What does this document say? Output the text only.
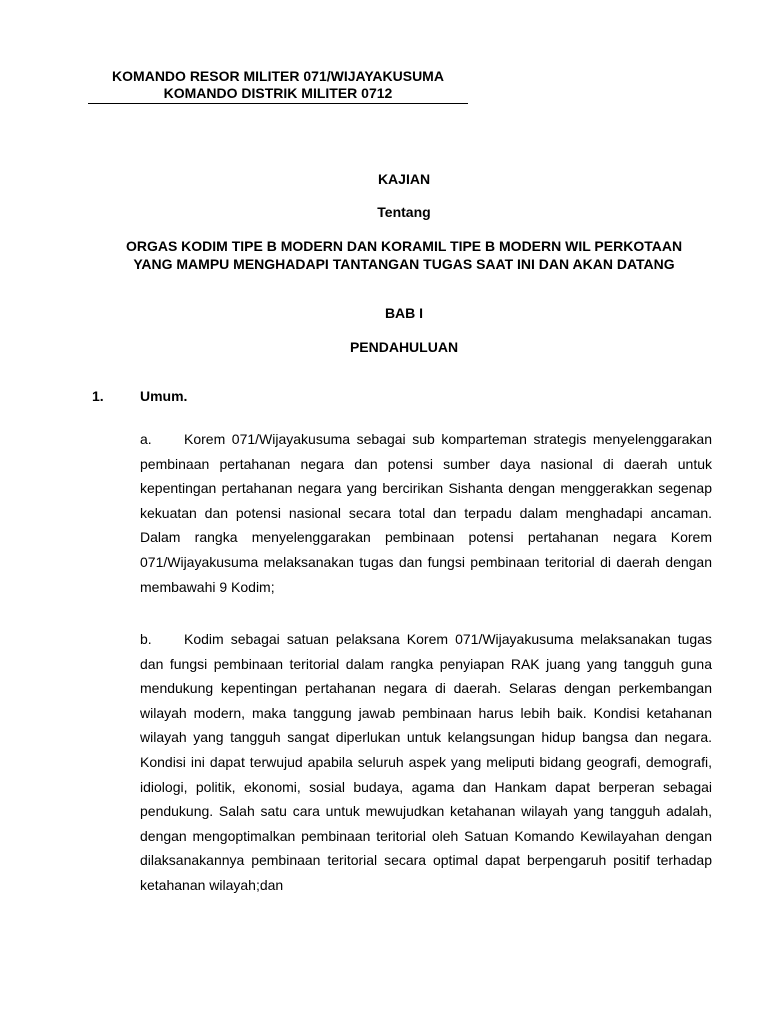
KOMANDO RESOR MILITER 071/WIJAYAKUSUMA

KOMANDO DISTRIK MILITER 0712
KAJIAN
Tentang
ORGAS KODIM TIPE B MODERN DAN KORAMIL TIPE B MODERN WIL PERKOTAAN
YANG MAMPU MENGHADAPI TANTANGAN TUGAS SAAT INI DAN AKAN DATANG
BAB I
PENDAHULUAN
1.	Umum.
a. Korem 071/Wijayakusuma sebagai sub komparteman strategis menyelenggarakan pembinaan pertahanan negara dan potensi sumber daya nasional di daerah untuk kepentingan pertahanan negara yang bercirikan Sishanta dengan menggerakkan segenap kekuatan dan potensi nasional secara total dan terpadu dalam menghadapi ancaman. Dalam rangka menyelenggarakan pembinaan potensi pertahanan negara Korem 071/Wijayakusuma melaksanakan tugas dan fungsi pembinaan teritorial di daerah dengan membawahi 9 Kodim;
b. Kodim sebagai satuan pelaksana Korem 071/Wijayakusuma melaksanakan tugas dan fungsi pembinaan teritorial dalam rangka penyiapan RAK juang yang tangguh guna mendukung kepentingan pertahanan negara di daerah. Selaras dengan perkembangan wilayah modern, maka tanggung jawab pembinaan harus lebih baik. Kondisi ketahanan wilayah yang tangguh sangat diperlukan untuk kelangsungan hidup bangsa dan negara. Kondisi ini dapat terwujud apabila seluruh aspek yang meliputi bidang geografi, demografi, idiologi, politik, ekonomi, sosial budaya, agama dan Hankam dapat berperan sebagai pendukung. Salah satu cara untuk mewujudkan ketahanan wilayah yang tangguh adalah, dengan mengoptimalkan pembinaan teritorial oleh Satuan Komando Kewilayahan dengan dilaksanakannya pembinaan teritorial secara optimal dapat berpengaruh positif terhadap ketahanan wilayah;dan
